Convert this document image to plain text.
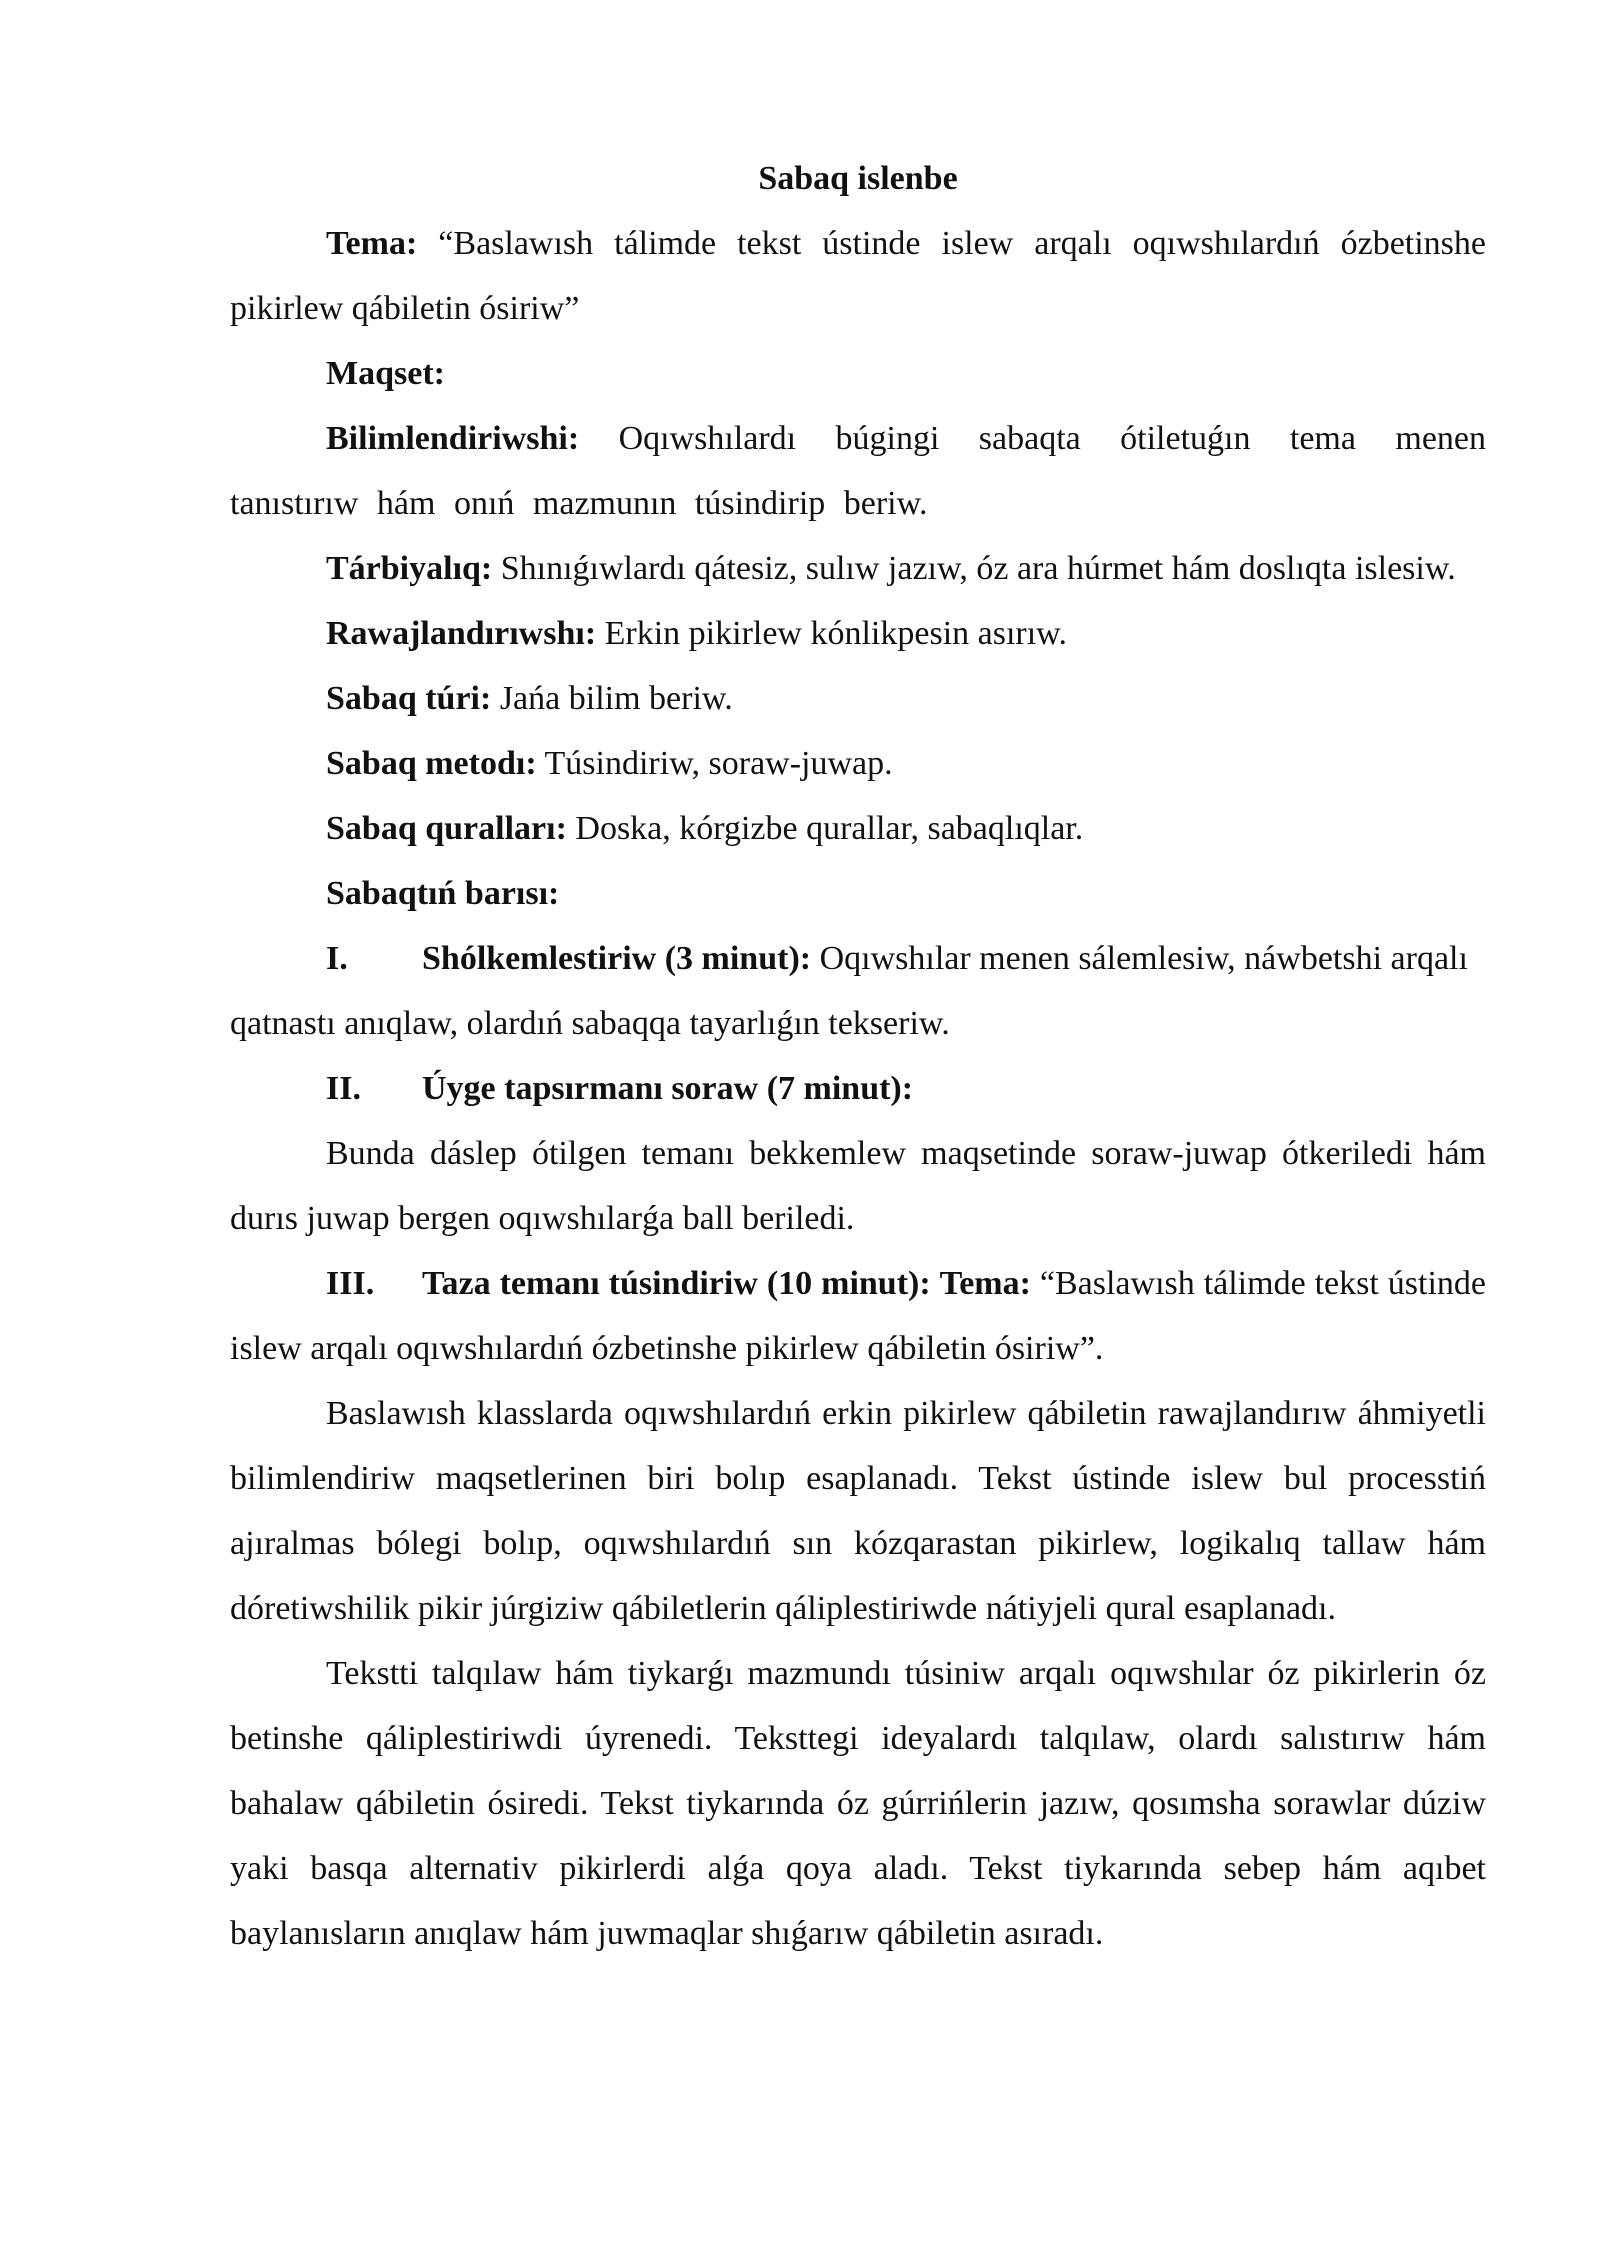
Sabaq islenbe

Tema: “Baslawısh tálimde tekst ústinde islew arqalı oqıwshılardıń ózbetinshe pikirlew qábiletin ósiriw”

Maqset:

Bilimlendiriwshi: Oqıwshılardı búgingi sabaqta ótiletuǵın tema menen tanıstırıw hám onıń mazmunın túsindirip beriw.

Tárbiyalıq: Shınıǵıwlardı qátesiz, sulıw jazıw, óz ara húrmet hám doslıqta islesiw.

Rawajlandırıwshı: Erkin pikirlew kónlikpesin asırıw.

Sabaq túri: Jańa bilim beriw.

Sabaq metodı: Túsindiriw, soraw-juwap.

Sabaq quralları: Doska, kórgizbe qurallar, sabaqlıqlar.

Sabaqtıń barısı:

I. Shólkemlestiriw (3 minut): Oqıwshılar menen sálemlesiw, náwbetshi arqalı qatnastı anıqlaw, olardıń sabaqqa tayarlıǵın tekseriw.

II. Úyge tapsırmanı soraw (7 minut):

Bunda dáslep ótilgen temanı bekkemlew maqsetinde soraw-juwap ótkeriledi hám durıs juwap bergen oqıwshılarǵa ball beriledi.

III. Taza temanı túsindiriw (10 minut): Tema: “Baslawısh tálimde tekst ústinde islew arqalı oqıwshılardıń ózbetinshe pikirlew qábiletin ósiriw”.

Baslawısh klasslarda oqıwshılardıń erkin pikirlew qábiletin rawajlandırıw áhmiyetli bilimlendiriw maqsetlerinen biri bolıp esaplanadı. Tekst ústinde islew bul processtiń ajıralmas bólegi bolıp, oqıwshılardıń sın kózqarastan pikirlew, logikalıq tallaw hám dóretiwshilik pikir júrgiziw qábiletlerin qáliplestiriwde nátiyjeli qural esaplanadı.

Tekstti talqılaw hám tiykarǵı mazmundı túsiniw arqalı oqıwshılar óz pikirlerin óz betinshe qáliplestiriwdi úyrenedi. Teksttegi ideyalardı talqılaw, olardı salıstırıw hám bahalaw qábiletin ósiredi. Tekst tiykarında óz gúrrińlerin jazıw, qosımsha sorawlar dúziw yaki basqa alternativ pikirlerdi alǵa qoya aladı. Tekst tiykarında sebep hám aqıbet baylanısların anıqlaw hám juwmaqlar shıǵarıw qábiletin asıradı.
